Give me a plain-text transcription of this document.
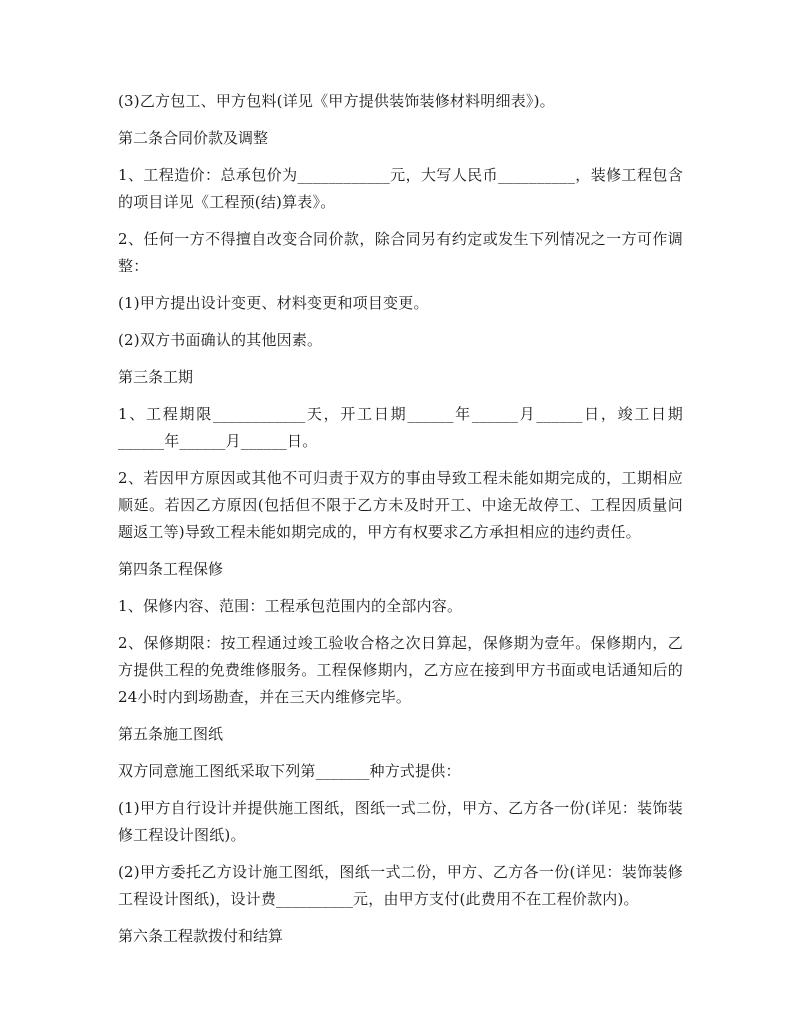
(3)乙方包工、甲方包料(详见《甲方提供装饰装修材料明细表》)。

第二条合同价款及调整

1、工程造价：总承包价为____________元，大写人民币__________，装修工程包含的项目详见《工程预(结)算表》。

2、任何一方不得擅自改变合同价款，除合同另有约定或发生下列情况之一方可作调整：

(1)甲方提出设计变更、材料变更和项目变更。

(2)双方书面确认的其他因素。

第三条工期

1、工程期限____________天，开工日期______年______月______日，竣工日期______年______月______日。

2、若因甲方原因或其他不可归责于双方的事由导致工程未能如期完成的，工期相应顺延。若因乙方原因(包括但不限于乙方未及时开工、中途无故停工、工程因质量问题返工等)导致工程未能如期完成的，甲方有权要求乙方承担相应的违约责任。

第四条工程保修

1、保修内容、范围：工程承包范围内的全部内容。

2、保修期限：按工程通过竣工验收合格之次日算起，保修期为壹年。保修期内，乙方提供工程的免费维修服务。工程保修期内，乙方应在接到甲方书面或电话通知后的24小时内到场勘查，并在三天内维修完毕。

第五条施工图纸

双方同意施工图纸采取下列第_______种方式提供：

(1)甲方自行设计并提供施工图纸，图纸一式二份，甲方、乙方各一份(详见：装饰装修工程设计图纸)。

(2)甲方委托乙方设计施工图纸，图纸一式二份，甲方、乙方各一份(详见：装饰装修工程设计图纸)，设计费__________元，由甲方支付(此费用不在工程价款内)。

第六条工程款拨付和结算
